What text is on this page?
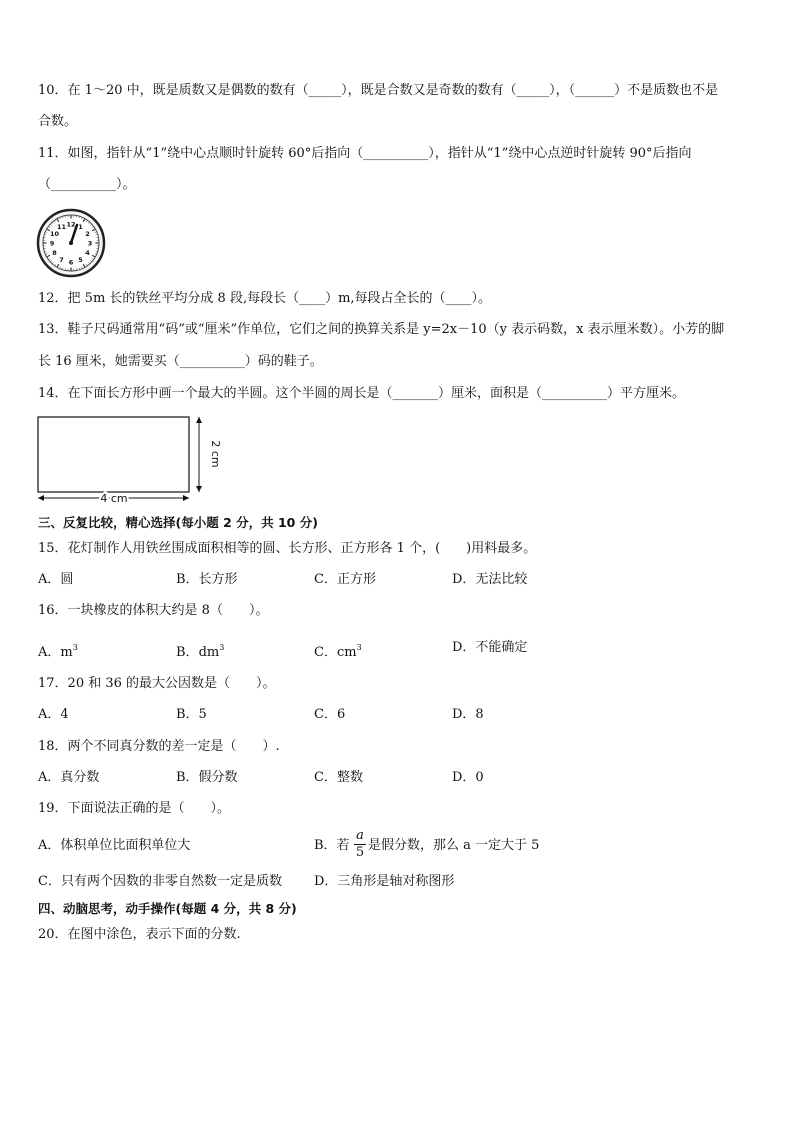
10．在 1～20 中，既是质数又是偶数的数有（_____），既是合数又是奇数的数有（_____），（______）不是质数也不是
合数。
11．如图，指针从“1”绕中心点顺时针旋转 60°后指向（__________），指针从“1”绕中心点逆时针旋转 90°后指向
（__________）。
12 1
2
3
4
5
6
7
8
9
10
11
12．把 5m 长的铁丝平均分成 8 段,每段长（____）m,每段占全长的（____）。
13．鞋子尺码通常用“码”或“厘米”作单位，它们之间的换算关系是 y=2x－10（y 表示码数，x 表示厘米数）。小芳的脚
长 16 厘米，她需要买（__________）码的鞋子。
14．在下面长方形中画一个最大的半圆。这个半圆的周长是（_______）厘米，面积是（__________）平方厘米。
2 cm
4 cm
三、反复比较，精心选择(每小题 2 分，共 10 分)
15．花灯制作人用铁丝围成面积相等的圆、长方形、正方形各 1 个，(　　)用料最多。
A．圆	B．长方形	C．正方形	D．无法比较
16．一块橡皮的体积大约是 8（　　）。
A．$m^3$	B．$dm^3$	C．$cm^3$	D．不能确定
17．20 和 36 的最大公因数是（　　）。
A．4	B．5	C．6	D．8
18．两个不同真分数的差一定是（　　）.
A．真分数	B．假分数	C．整数	D．0
19．下面说法正确的是（　　）。
A．体积单位比面积单位大	B．若
a
5 是假分数，那么 a 一定大于 5
C．只有两个因数的非零自然数一定是质数 D．三角形是轴对称图形
四、动脑思考，动手操作(每题 4 分，共 8 分)
20．在图中涂色，表示下面的分数.
